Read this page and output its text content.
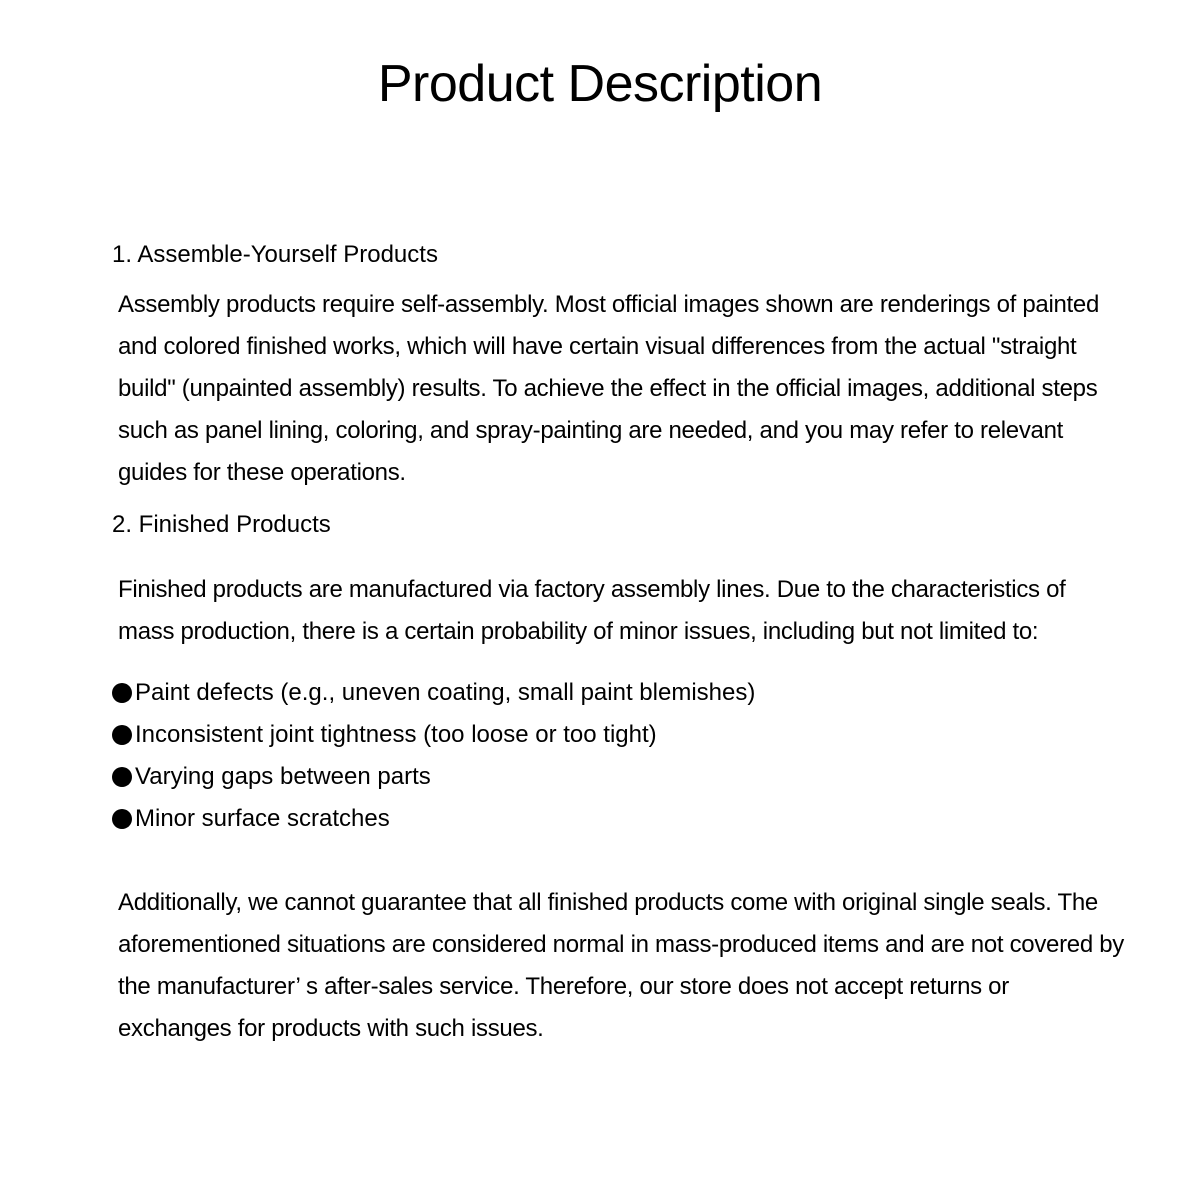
Product Description
1. Assemble-Yourself Products

Assembly products require self-assembly. Most official images shown are renderings of painted and colored finished works, which will have certain visual differences from the actual "straight build" (unpainted assembly) results. To achieve the effect in the official images, additional steps such as panel lining, coloring, and spray-painting are needed, and you may refer to relevant guides for these operations.

2. Finished Products

Finished products are manufactured via factory assembly lines. Due to the characteristics of mass production, there is a certain probability of minor issues, including but not limited to:

Paint defects (e.g., uneven coating, small paint blemishes)
Inconsistent joint tightness (too loose or too tight)
Varying gaps between parts
Minor surface scratches

Additionally, we cannot guarantee that all finished products come with original single seals. The aforementioned situations are considered normal in mass-produced items and are not covered by the manufacturer’ s after-sales service. Therefore, our store does not accept returns or exchanges for products with such issues.
